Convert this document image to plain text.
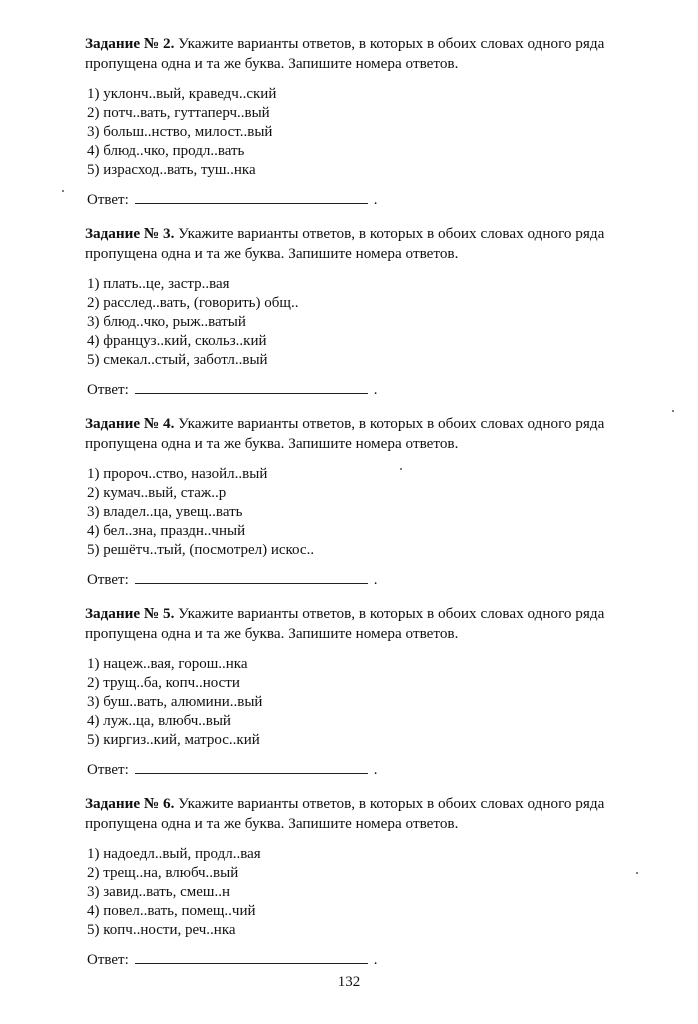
Задание № 2. Укажите варианты ответов, в которых в обоих словах одного ряда пропущена одна и та же буква. Запишите номера ответов.

1) уклонч..вый, краведч..ский
2) потч..вать, гуттаперч..вый
3) больш..нство, милост..вый
4) блюд..чко, продл..вать
5) израсход..вать, туш..нка
Ответ:	.

Задание № 3. Укажите варианты ответов, в которых в обоих словах одного ряда пропущена одна и та же буква. Запишите номера ответов.

1) плать..це, застр..вая
2) расслед..вать, (говорить) общ..
3) блюд..чко, рыж..ватый
4) француз..кий, скольз..кий
5) смекал..стый, заботл..вый
Ответ:	.

Задание № 4. Укажите варианты ответов, в которых в обоих словах одного ряда пропущена одна и та же буква. Запишите номера ответов.

1) пророч..ство, назойл..вый
2) кумач..вый, стаж..р
3) владел..ца, увещ..вать
4) бел..зна, праздн..чный
5) решётч..тый, (посмотрел) искос..
Ответ:	.

Задание № 5. Укажите варианты ответов, в которых в обоих словах одного ряда пропущена одна и та же буква. Запишите номера ответов.

1) нацеж..вая, горош..нка
2) трущ..ба, копч..ности
3) буш..вать, алюмини..вый
4) луж..ца, влюбч..вый
5) киргиз..кий, матрос..кий
Ответ:	.

Задание № 6. Укажите варианты ответов, в которых в обоих словах одного ряда пропущена одна и та же буква. Запишите номера ответов.

1) надоедл..вый, продл..вая
2) трещ..на, влюбч..вый
3) завид..вать, смеш..н
4) повел..вать, помещ..чий
5) копч..ности, реч..нка
Ответ:	.
132
